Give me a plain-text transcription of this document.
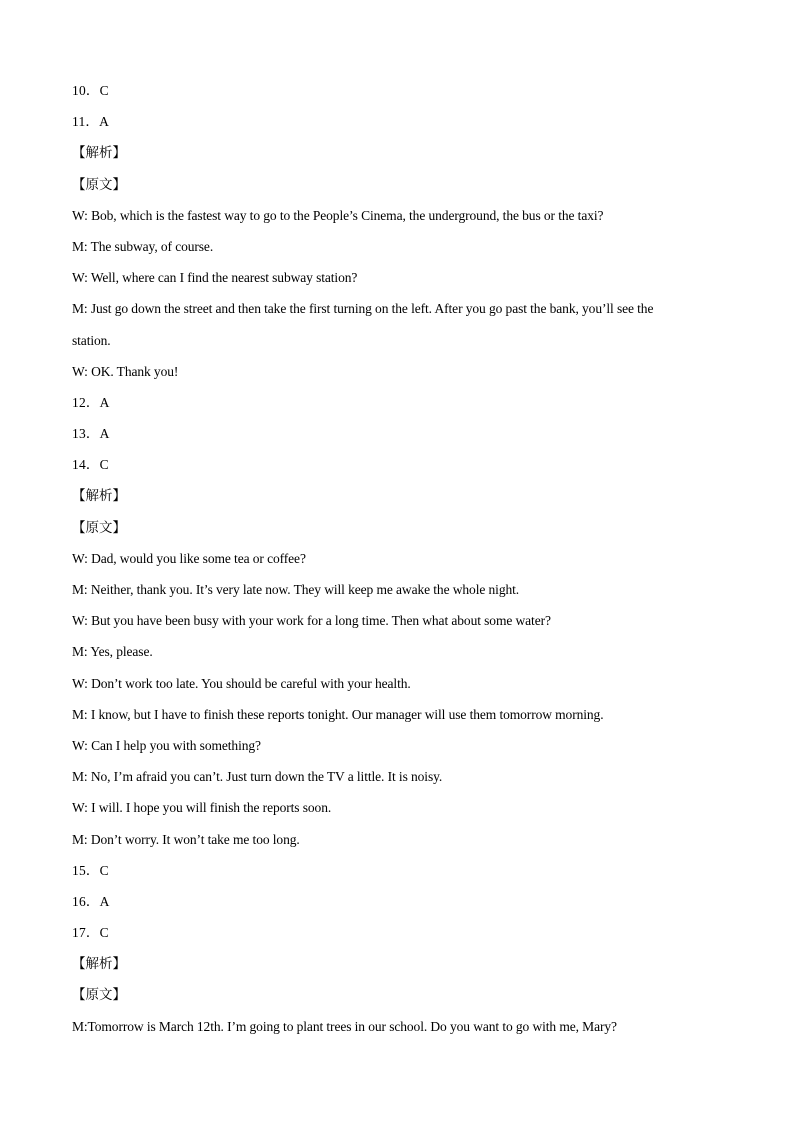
10．C
11．A
【解析】
【原文】
W: Bob, which is the fastest way to go to the People’s Cinema, the underground, the bus or the taxi?
M: The subway, of course.
W: Well, where can I find the nearest subway station?
M: Just go down the street and then take the first turning on the left. After you go past the bank, you’ll see the
station.
W: OK. Thank you!
12．A
13．A
14．C
【解析】
【原文】
W: Dad, would you like some tea or coffee?
M: Neither, thank you. It’s very late now. They will keep me awake the whole night.
W: But you have been busy with your work for a long time. Then what about some water?
M: Yes, please.
W: Don’t work too late. You should be careful with your health.
M: I know, but I have to finish these reports tonight. Our manager will use them tomorrow morning.
W: Can I help you with something?
M: No, I’m afraid you can’t. Just turn down the TV a little. It is noisy.
W: I will. I hope you will finish the reports soon.
M: Don’t worry. It won’t take me too long.
15．C
16．A
17．C
【解析】
【原文】
M:Tomorrow is March 12th. I’m going to plant trees in our school. Do you want to go with me, Mary?
